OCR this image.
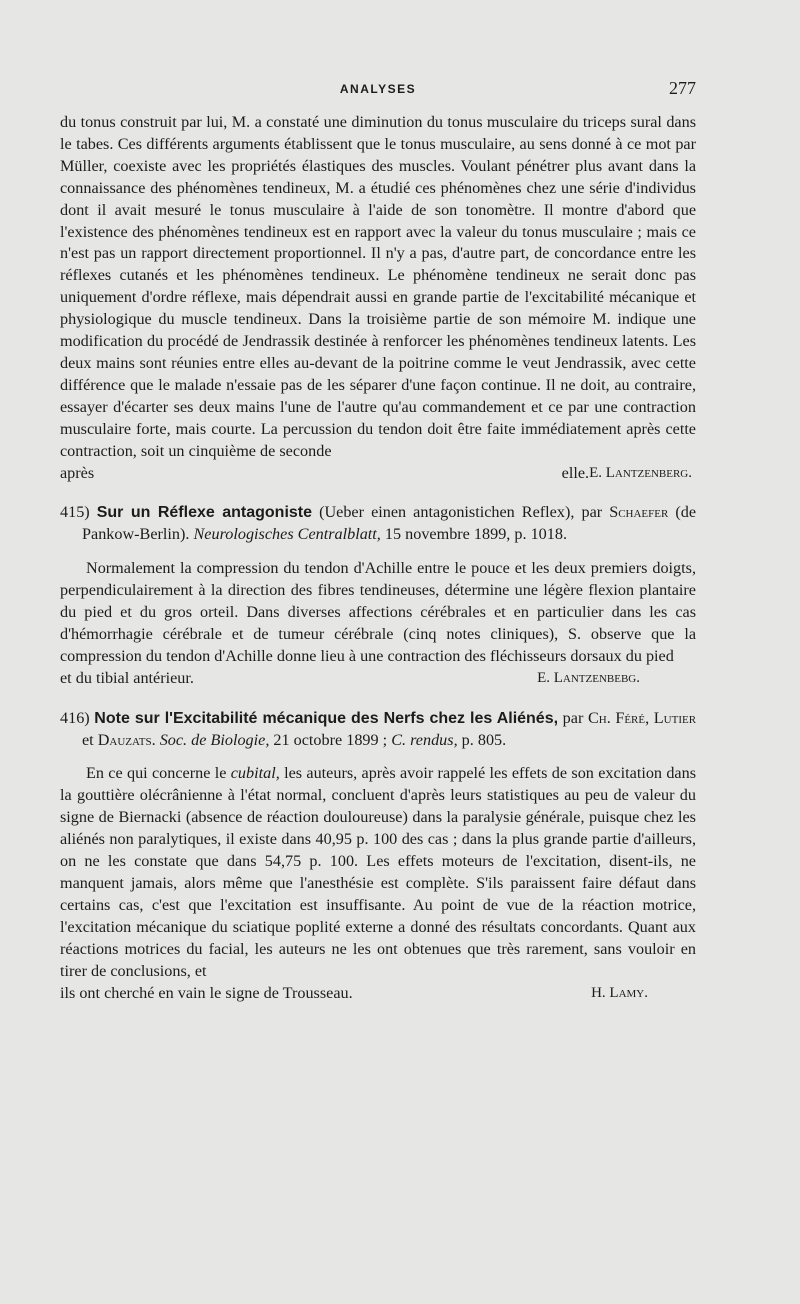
ANALYSES	277

du tonus construit par lui, M. a constaté une diminution du tonus musculaire du triceps sural dans le tabes. Ces différents arguments établissent que le tonus musculaire, au sens donné à ce mot par Müller, coexiste avec les propriétés élastiques des muscles. Voulant pénétrer plus avant dans la connaissance des phénomènes tendineux, M. a étudié ces phénomènes chez une série d'individus dont il avait mesuré le tonus musculaire à l'aide de son tonomètre. Il montre d'abord que l'existence des phénomènes tendineux est en rapport avec la valeur du tonus musculaire ; mais ce n'est pas un rapport directement proportionnel. Il n'y a pas, d'autre part, de concordance entre les réflexes cutanés et les phénomènes tendineux. Le phénomène tendineux ne serait donc pas uniquement d'ordre réflexe, mais dépendrait aussi en grande partie de l'excitabilité mécanique et physiologique du muscle tendineux. Dans la troisième partie de son mémoire M. indique une modification du procédé de Jendrassik destinée à renforcer les phénomènes tendineux latents. Les deux mains sont réunies entre elles au-devant de la poitrine comme le veut Jendrassik, avec cette différence que le malade n'essaie pas de les séparer d'une façon continue. Il ne doit, au contraire, essayer d'écarter ses deux mains l'une de l'autre qu'au commandement et ce par une contraction musculaire forte, mais courte. La percussion du tendon doit être faite immédiatement après cette contraction, soit un cinquième de seconde

après elle. E. Lantzenberg.

415) Sur un Réflexe antagoniste (Ueber einen antagonistichen Reflex), par Schaefer (de Pankow-Berlin). Neurologisches Centralblatt, 15 novembre 1899, p. 1018.

Normalement la compression du tendon d'Achille entre le pouce et les deux premiers doigts, perpendiculairement à la direction des fibres tendineuses, détermine une légère flexion plantaire du pied et du gros orteil. Dans diverses affections cérébrales et en particulier dans les cas d'hémorrhagie cérébrale et de tumeur cérébrale (cinq notes cliniques), S. observe que la compression du tendon d'Achille donne lieu à une contraction des fléchisseurs dorsaux du pied

et du tibial antérieur.	E. Lantzenbebg.

416) Note sur l'Excitabilité mécanique des Nerfs chez les Aliénés, par Ch. Féré, Lutier et Dauzats. Soc. de Biologie, 21 octobre 1899 ; C. rendus, p. 805.

En ce qui concerne le cubital, les auteurs, après avoir rappelé les effets de son excitation dans la gouttière olécrânienne à l'état normal, concluent d'après leurs statistiques au peu de valeur du signe de Biernacki (absence de réaction douloureuse) dans la paralysie générale, puisque chez les aliénés non paralytiques, il existe dans 40,95 p. 100 des cas ; dans la plus grande partie d'ailleurs, on ne les constate que dans 54,75 p. 100. Les effets moteurs de l'excitation, disent-ils, ne manquent jamais, alors même que l'anesthésie est complète. S'ils paraissent faire défaut dans certains cas, c'est que l'excitation est insuffisante. Au point de vue de la réaction motrice, l'excitation mécanique du sciatique poplité externe a donné des résultats concordants. Quant aux réactions motrices du facial, les auteurs ne les ont obtenues que très rarement, sans vouloir en tirer de conclusions, et

ils ont cherché en vain le signe de Trousseau.	H. Lamy.
